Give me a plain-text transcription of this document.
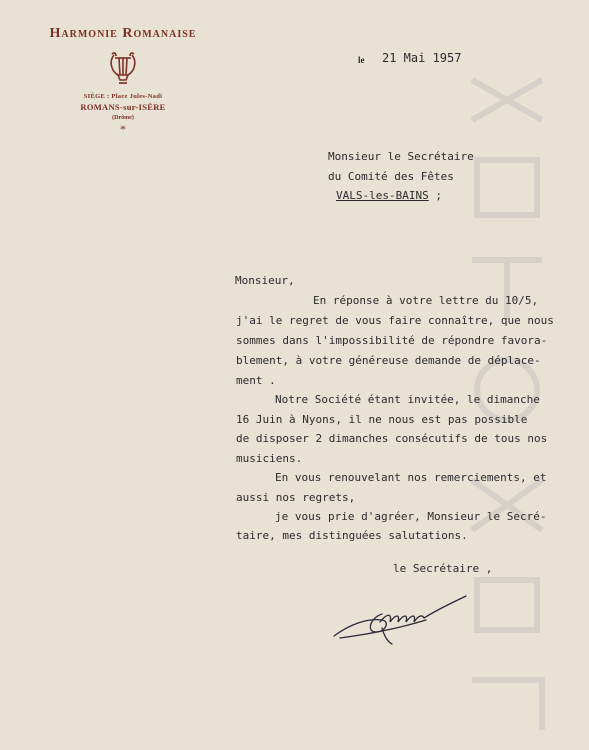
Harmonie Romanaise
SIÈGE : Place Jules-Nadi
ROMANS-sur-ISÈRE
(Drôme)
*
le 21 Mai 1957
Monsieur le Secrétaire
du Comité des Fêtes
VALS-les-BAINS ;
Monsieur,
En réponse à votre lettre du 10/5,
j'ai le regret de vous faire connaître, que nous
sommes dans l'impossibilité de répondre favora-
blement, à votre généreuse demande de déplace-
ment .
Notre Société étant invitée, le dimanche
16 Juin à Nyons, il ne nous est pas possible
de disposer 2 dimanches consécutifs de tous nos
musiciens.
En vous renouvelant nos remerciements, et
aussi nos regrets,
je vous prie d'agréer, Monsieur le Secré-
taire, mes distinguées salutations.
le Secrétaire ,
